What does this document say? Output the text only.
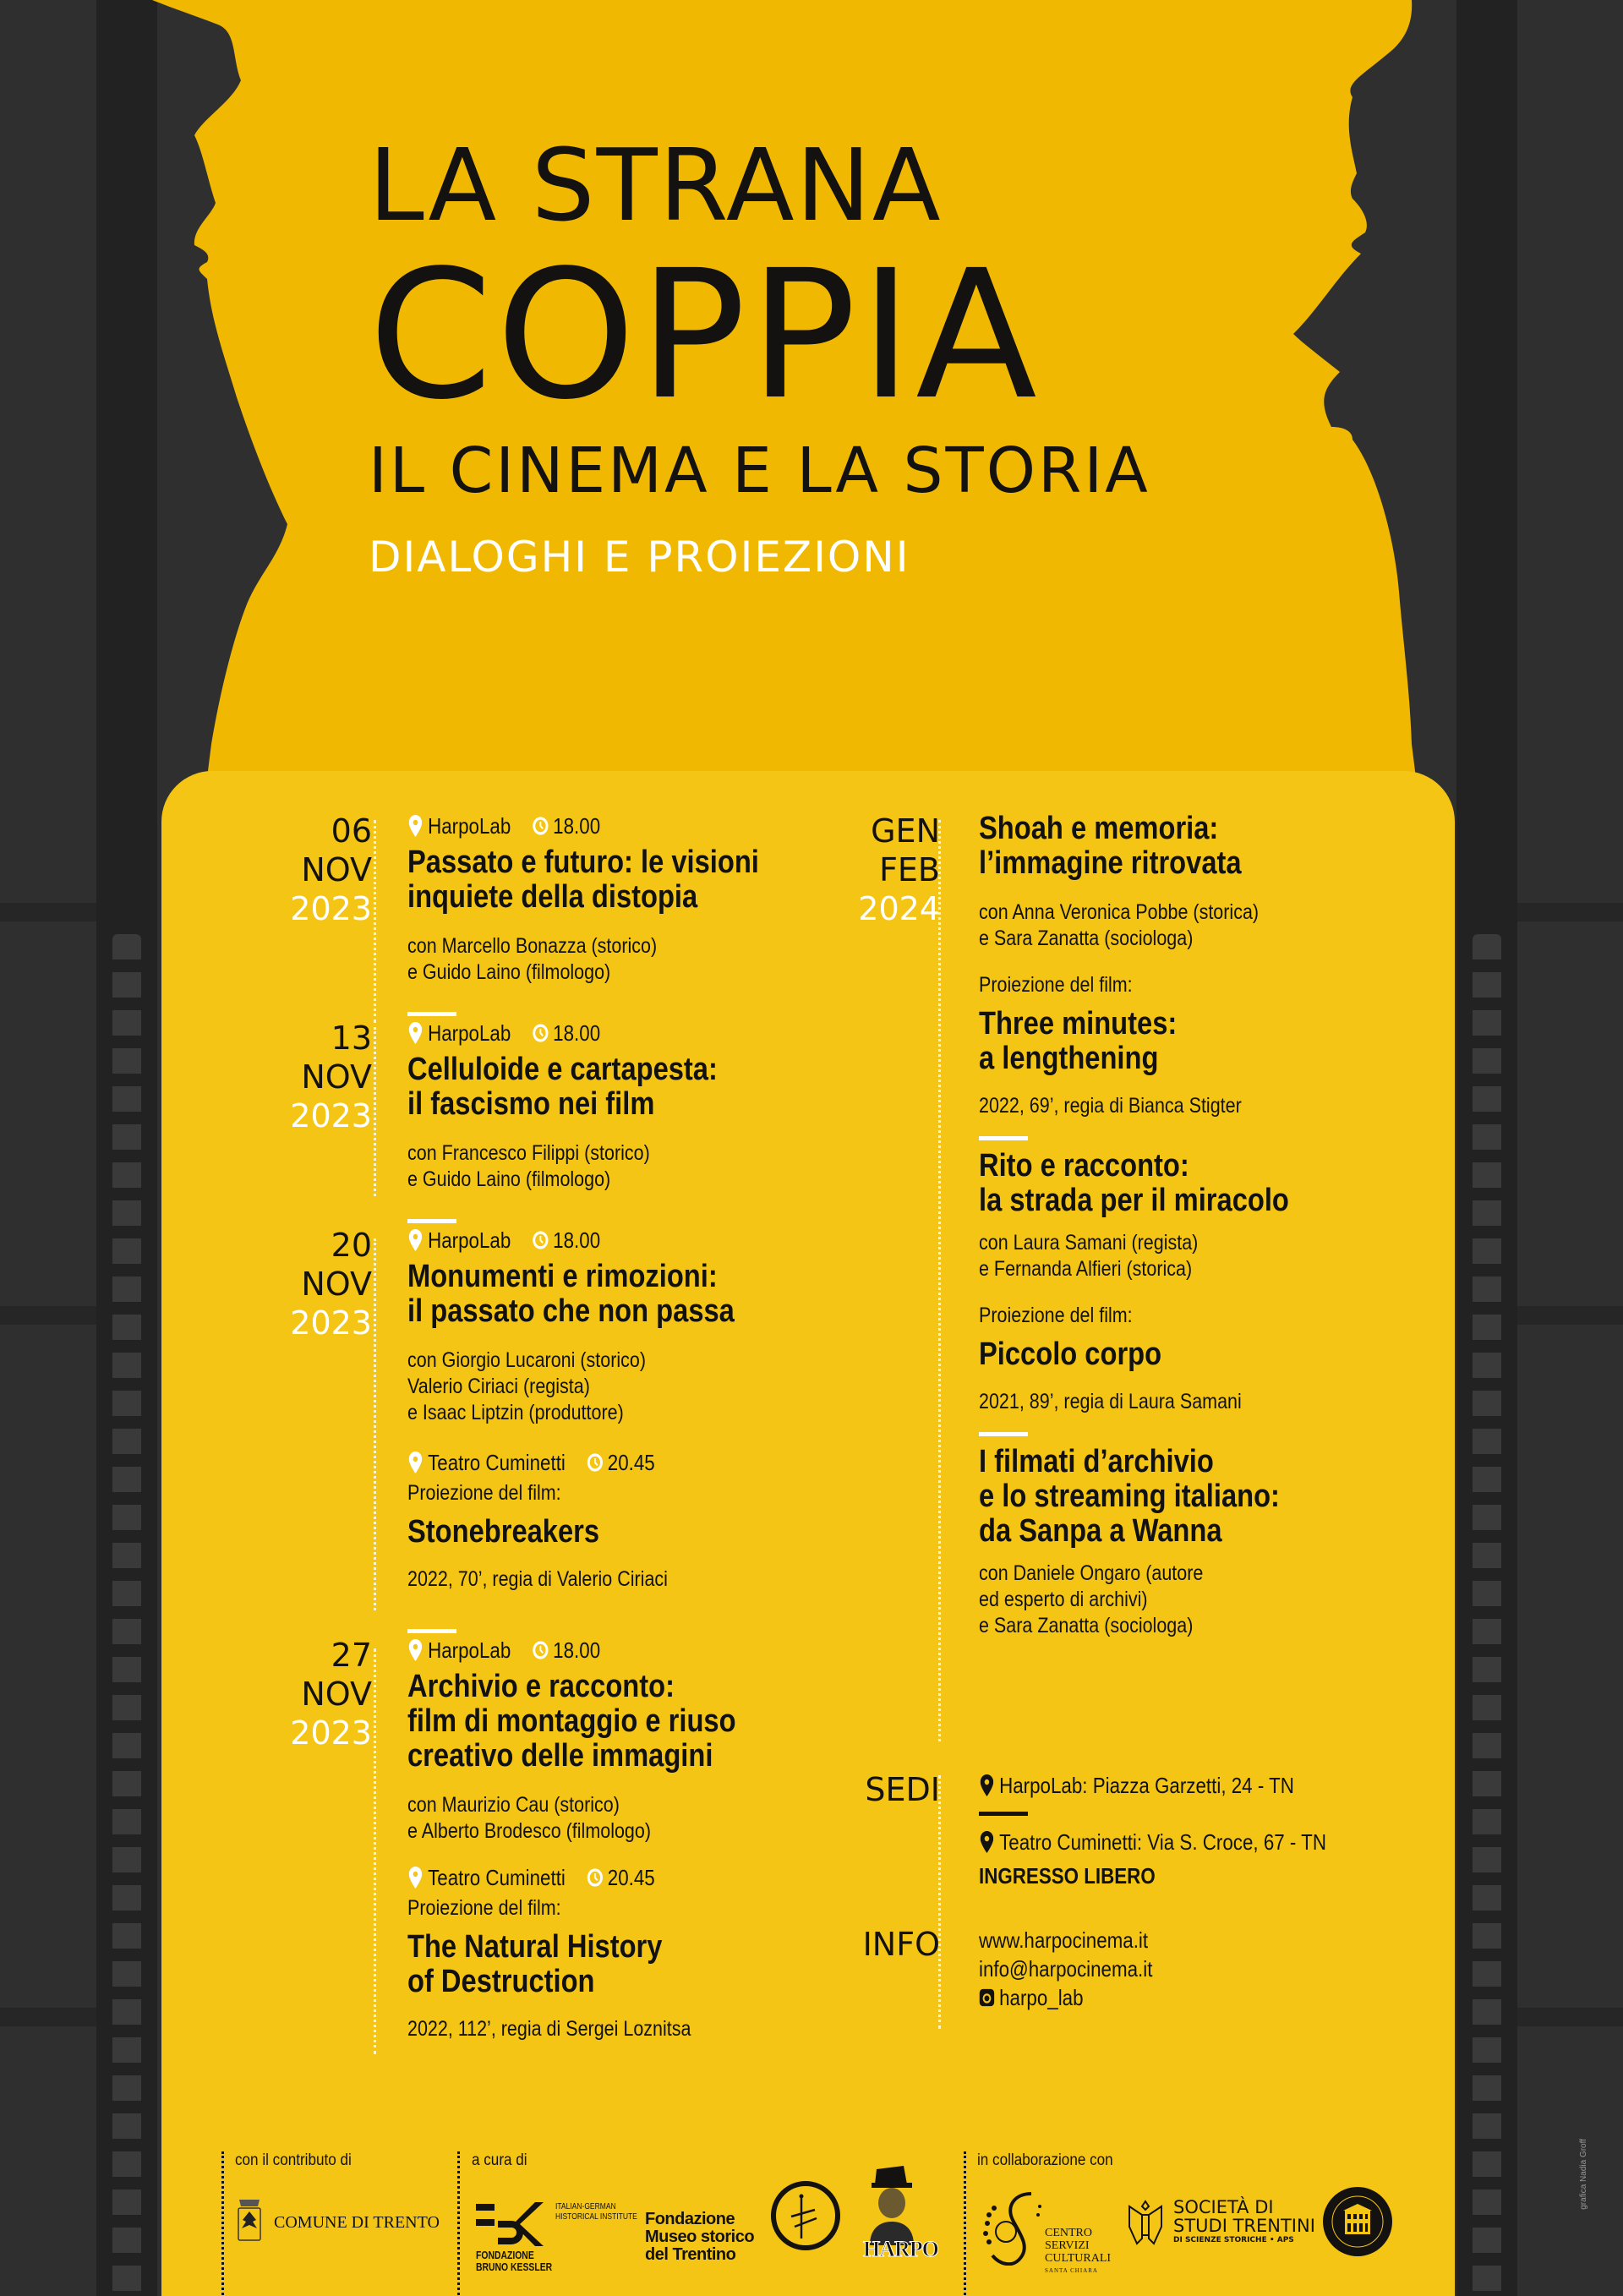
LA STRANA
COPPIA
IL CINEMA E LA STORIA
DIALOGHI E PROIEZIONI
06
NOV
2023
HarpoLab 18.00
Passato e futuro: le visioni
inquiete della distopia
con Marcello Bonazza (storico)
e Guido Laino (filmologo)
13
NOV
2023
HarpoLab 18.00
Celluloide e cartapesta:
il fascismo nei film
con Francesco Filippi (storico)
e Guido Laino (filmologo)
20
NOV
2023
HarpoLab 18.00
Monumenti e rimozioni:
il passato che non passa
con Giorgio Lucaroni (storico)
Valerio Ciriaci (regista)
e Isaac Liptzin (produttore)
Teatro Cuminetti 20.45
Proiezione del film:
Stonebreakers
2022, 70’, regia di Valerio Ciriaci
27
NOV
2023
HarpoLab 18.00
Archivio e racconto:
film di montaggio e riuso
creativo delle immagini
con Maurizio Cau (storico)
e Alberto Brodesco (filmologo)
Teatro Cuminetti 20.45
Proiezione del film:
The Natural History
of Destruction
2022, 112’, regia di Sergei Loznitsa
GEN
FEB
2024
Shoah e memoria:
l’immagine ritrovata
con Anna Veronica Pobbe (storica)
e Sara Zanatta (sociologa)
Proiezione del film:
Three minutes:
a lengthening
2022, 69’, regia di Bianca Stigter
Rito e racconto:
la strada per il miracolo
con Laura Samani (regista)
e Fernanda Alfieri (storica)
Proiezione del film:
Piccolo corpo
2021, 89’, regia di Laura Samani
I filmati d’archivio
e lo streaming italiano:
da Sanpa a Wanna
con Daniele Ongaro (autore
ed esperto di archivi)
e Sara Zanatta (sociologa)
SEDI	HarpoLab: Piazza Garzetti, 24 - TN
Teatro Cuminetti: Via S. Croce, 67 - TN
INGRESSO LIBERO
INFO www.harpocinema.it
info@harpocinema.it
harpo_lab
con il contributo di	a cura di	in collaborazione con
COMUNE DI TRENTO
ITALIAN-GERMAN
HISTORICAL INSTITUTE
FONDAZIONE
BRUNO KESSLER
Fondazione
Museo storico
del Trentino	HARPO
CENTRO
SERVIZI
CULTURALI
SANTA CHIARA
SOCIETÀ DI
STUDI TRENTINI
DI SCIENZE STORICHE • APS
grafica Nadia Groff
